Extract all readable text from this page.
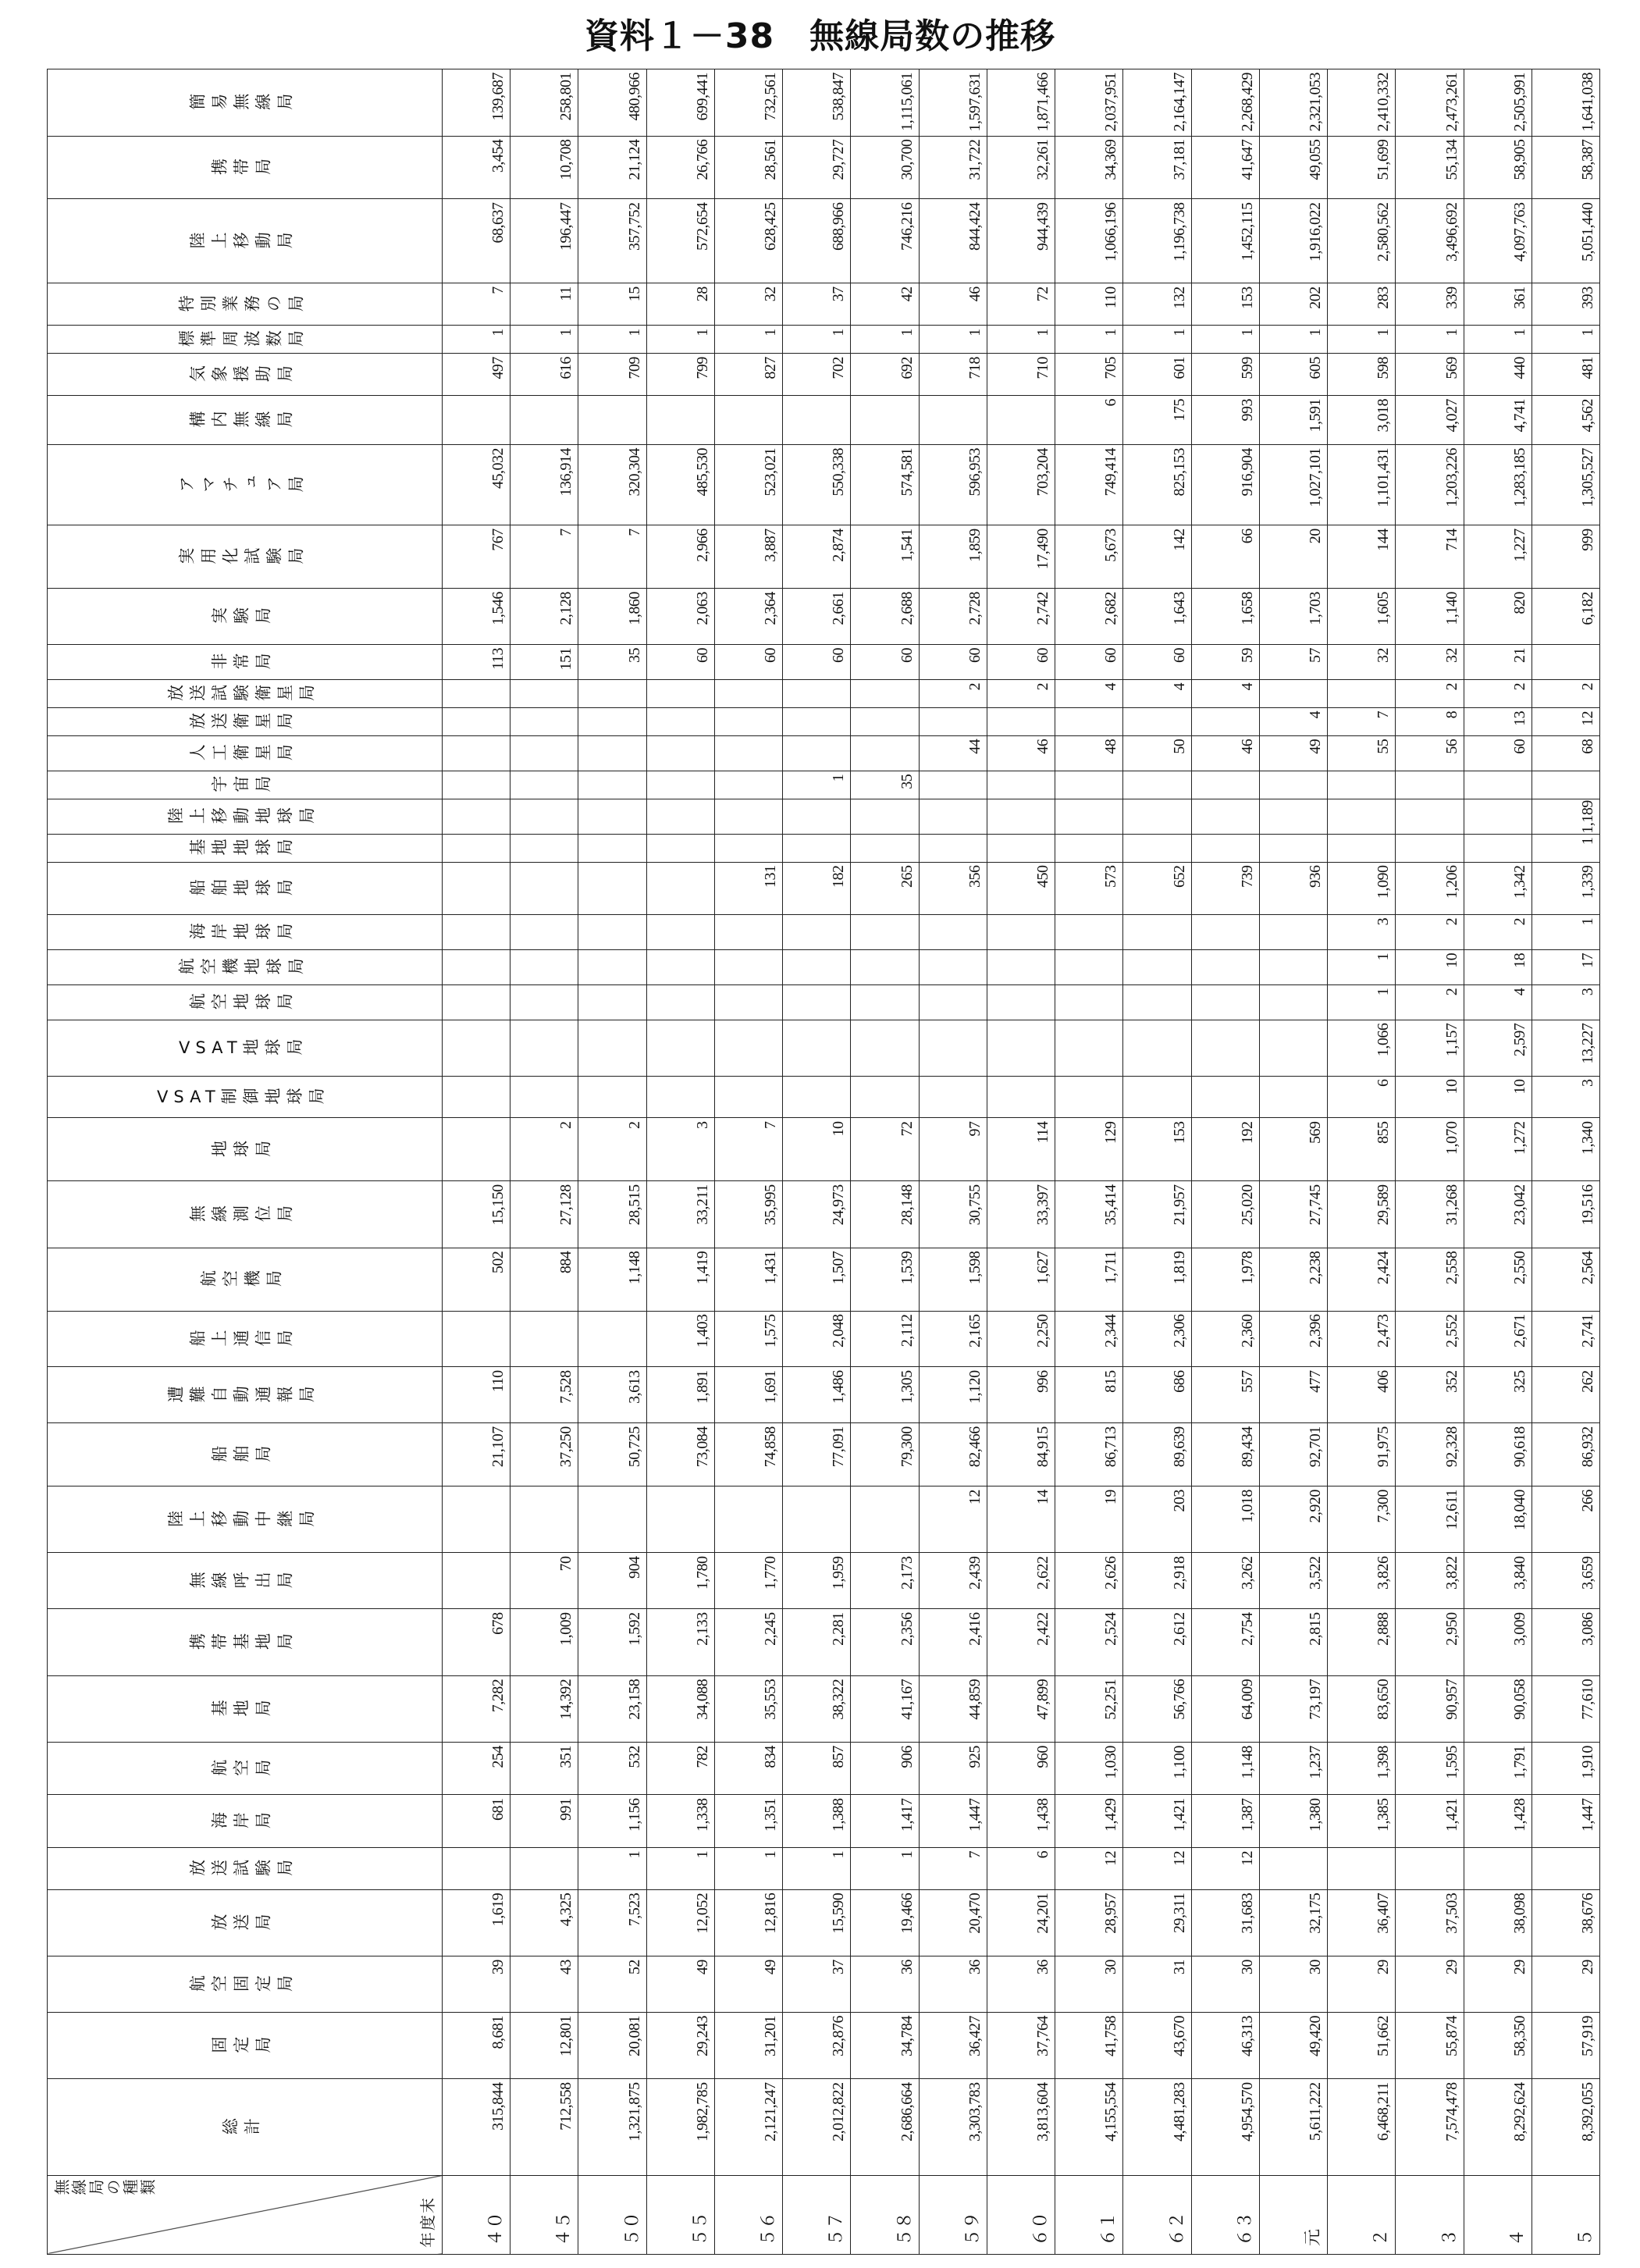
資料１－38　無線局数の推移
無線局の種類
年度末	総計	固定局	航空固定局	放送局	放送試験局	海岸局	航空局	基地局	携帯基地局	無線呼出局	陸上移動中継局	船舶局	遭難自動通報局	船上通信局	航空機局	無線測位局	地球局	VSAT制御地球局	VSAT地球局	航空地球局	航空機地球局	海岸地球局	船舶地球局	基地地球局	陸上移動地球局	宇宙局	人工衛星局	放送衛星局	放送試験衛星局	非常局	実験局	実用化試験局	アマチュア局	構内無線局	気象援助局	標準周波数局	特別業務の局	陸上移動局	携帯局	簡易無線局
４０	315,844	8,681	39	1,619		681	254	7,282	678			21,107	110		502	15,150														113	1,546	767	45,032		497	1	7	68,637	3,454	139,687
４５	712,558	12,801	43	4,325		991	351	14,392	1,009	70		37,250	7,528		884	27,128	2													151	2,128	7	136,914		616	1	11	196,447	10,708	258,801
５０	1,321,875	20,081	52	7,523	1	1,156	532	23,158	1,592	904		50,725	3,613		1,148	28,515	2													35	1,860	7	320,304		709	1	15	357,752	21,124	480,966
５５	1,982,785	29,243	49	12,052	1	1,338	782	34,088	2,133	1,780		73,084	1,891	1,403	1,419	33,211	3													60	2,063	2,966	485,530		799	1	28	572,654	26,766	699,441
５６	2,121,247	31,201	49	12,816	1	1,351	834	35,553	2,245	1,770		74,858	1,691	1,575	1,431	35,995	7						131							60	2,364	3,887	523,021		827	1	32	628,425	28,561	732,561
５７	2,012,822	32,876	37	15,590	1	1,388	857	38,322	2,281	1,959		77,091	1,486	2,048	1,507	24,973	10						182			1				60	2,661	2,874	550,338		702	1	37	688,966	29,727	538,847
５８	2,686,664	34,784	36	19,466	1	1,417	906	41,167	2,356	2,173		79,300	1,305	2,112	1,539	28,148	72						265			35				60	2,688	1,541	574,581		692	1	42	746,216	30,700	1,115,061
５９	3,303,783	36,427	36	20,470	7	1,447	925	44,859	2,416	2,439	12	82,466	1,120	2,165	1,598	30,755	97						356				44		2	60	2,728	1,859	596,953		718	1	46	844,424	31,722	1,597,631
６０	3,813,604	37,764	36	24,201	6	1,438	960	47,899	2,422	2,622	14	84,915	996	2,250	1,627	33,397	114						450				46		2	60	2,742	17,490	703,204		710	1	72	944,439	32,261	1,871,466
６１	4,155,554	41,758	30	28,957	12	1,429	1,030	52,251	2,524	2,626	19	86,713	815	2,344	1,711	35,414	129						573				48		4	60	2,682	5,673	749,414	6	705	1	110	1,066,196	34,369	2,037,951
６２	4,481,283	43,670	31	29,311	12	1,421	1,100	56,766	2,612	2,918	203	89,639	686	2,306	1,819	21,957	153						652				50		4	60	1,643	142	825,153	175	601	1	132	1,196,738	37,181	2,164,147
６３	4,954,570	46,313	30	31,683	12	1,387	1,148	64,009	2,754	3,262	1,018	89,434	557	2,360	1,978	25,020	192						739				46		4	59	1,658	66	916,904	993	599	1	153	1,452,115	41,647	2,268,429
元	5,611,222	49,420	30	32,175		1,380	1,237	73,197	2,815	3,522	2,920	92,701	477	2,396	2,238	27,745	569						936				49	4		57	1,703	20	1,027,101	1,591	605	1	202	1,916,022	49,055	2,321,053
２	6,468,211	51,662	29	36,407		1,385	1,398	83,650	2,888	3,826	7,300	91,975	406	2,473	2,424	29,589	855	6	1,066	1	1	3	1,090				55	7		32	1,605	144	1,101,431	3,018	598	1	283	2,580,562	51,699	2,410,332
３	7,574,478	55,874	29	37,503		1,421	1,595	90,957	2,950	3,822	12,611	92,328	352	2,552	2,558	31,268	1,070	10	1,157	2	10	2	1,206				56	8	2	32	1,140	714	1,203,226	4,027	569	1	339	3,496,692	55,134	2,473,261
４	8,292,624	58,350	29	38,098		1,428	1,791	90,058	3,009	3,840	18,040	90,618	325	2,671	2,550	23,042	1,272	10	2,597	4	18	2	1,342				60	13	2	21	820	1,227	1,283,185	4,741	440	1	361	4,097,763	58,905	2,505,991
５	8,392,055	57,919	29	38,676		1,447	1,910	77,610	3,086	3,659	266	86,932	262	2,741	2,564	19,516	1,340	3	13,227	3	17	1	1,339	1	1,189		68	12	2		6,182	999	1,305,527	4,562	481	1	393	5,051,440	58,387	1,641,038
